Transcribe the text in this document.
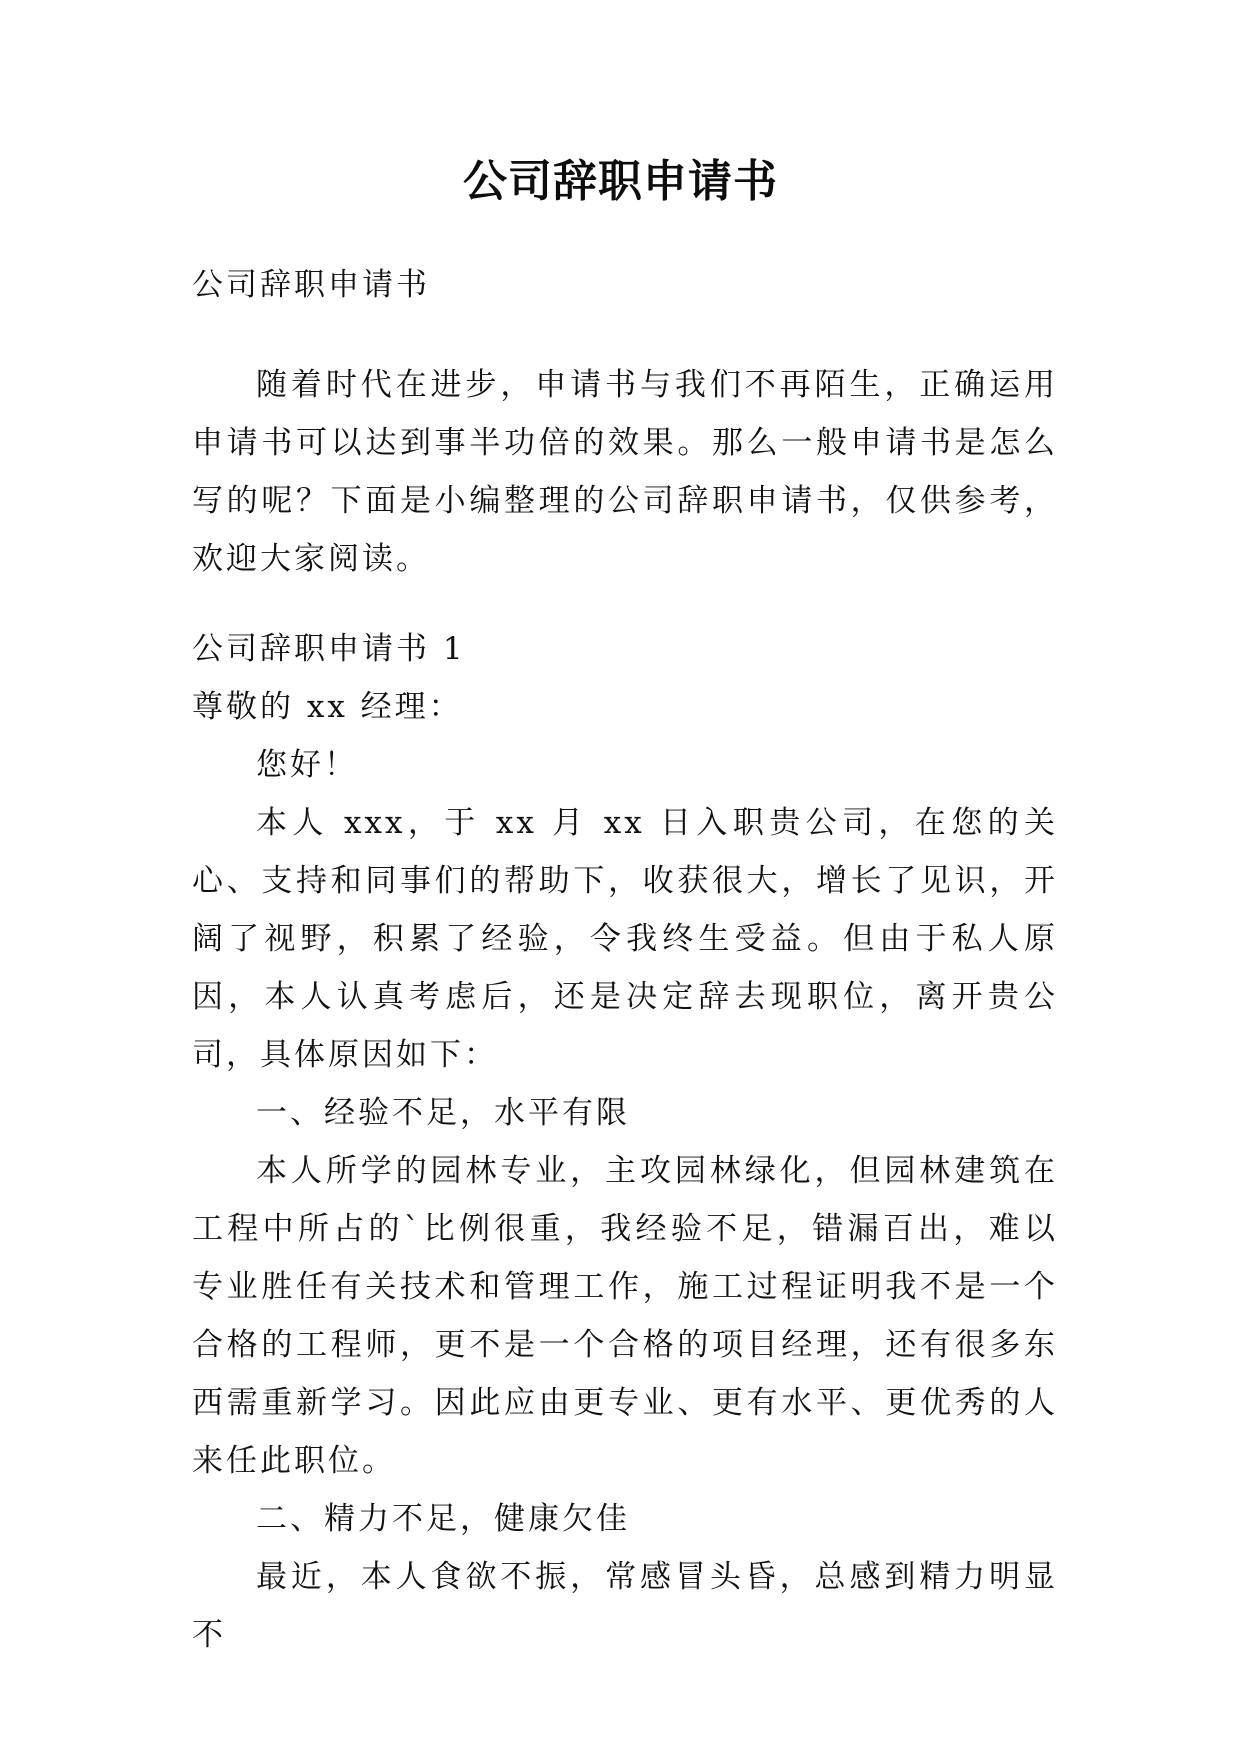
公司辞职申请书

公司辞职申请书

随着时代在进步，申请书与我们不再陌生，正确运用申请书可以达到事半功倍的效果。那么一般申请书是怎么写的呢？下面是小编整理的公司辞职申请书，仅供参考，欢迎大家阅读。

公司辞职申请书 1

尊敬的 xx 经理：

您好！

本人 xxx，于 xx 月 xx 日入职贵公司，在您的关心、支持和同事们的帮助下，收获很大，增长了见识，开阔了视野，积累了经验，令我终生受益。但由于私人原因，本人认真考虑后，还是决定辞去现职位，离开贵公司，具体原因如下：

一、经验不足，水平有限

本人所学的园林专业，主攻园林绿化，但园林建筑在工程中所占的`比例很重，我经验不足，错漏百出，难以专业胜任有关技术和管理工作，施工过程证明我不是一个合格的工程师，更不是一个合格的项目经理，还有很多东西需重新学习。因此应由更专业、更有水平、更优秀的人来任此职位。

二、精力不足，健康欠佳

最近，本人食欲不振，常感冒头昏，总感到精力明显不
